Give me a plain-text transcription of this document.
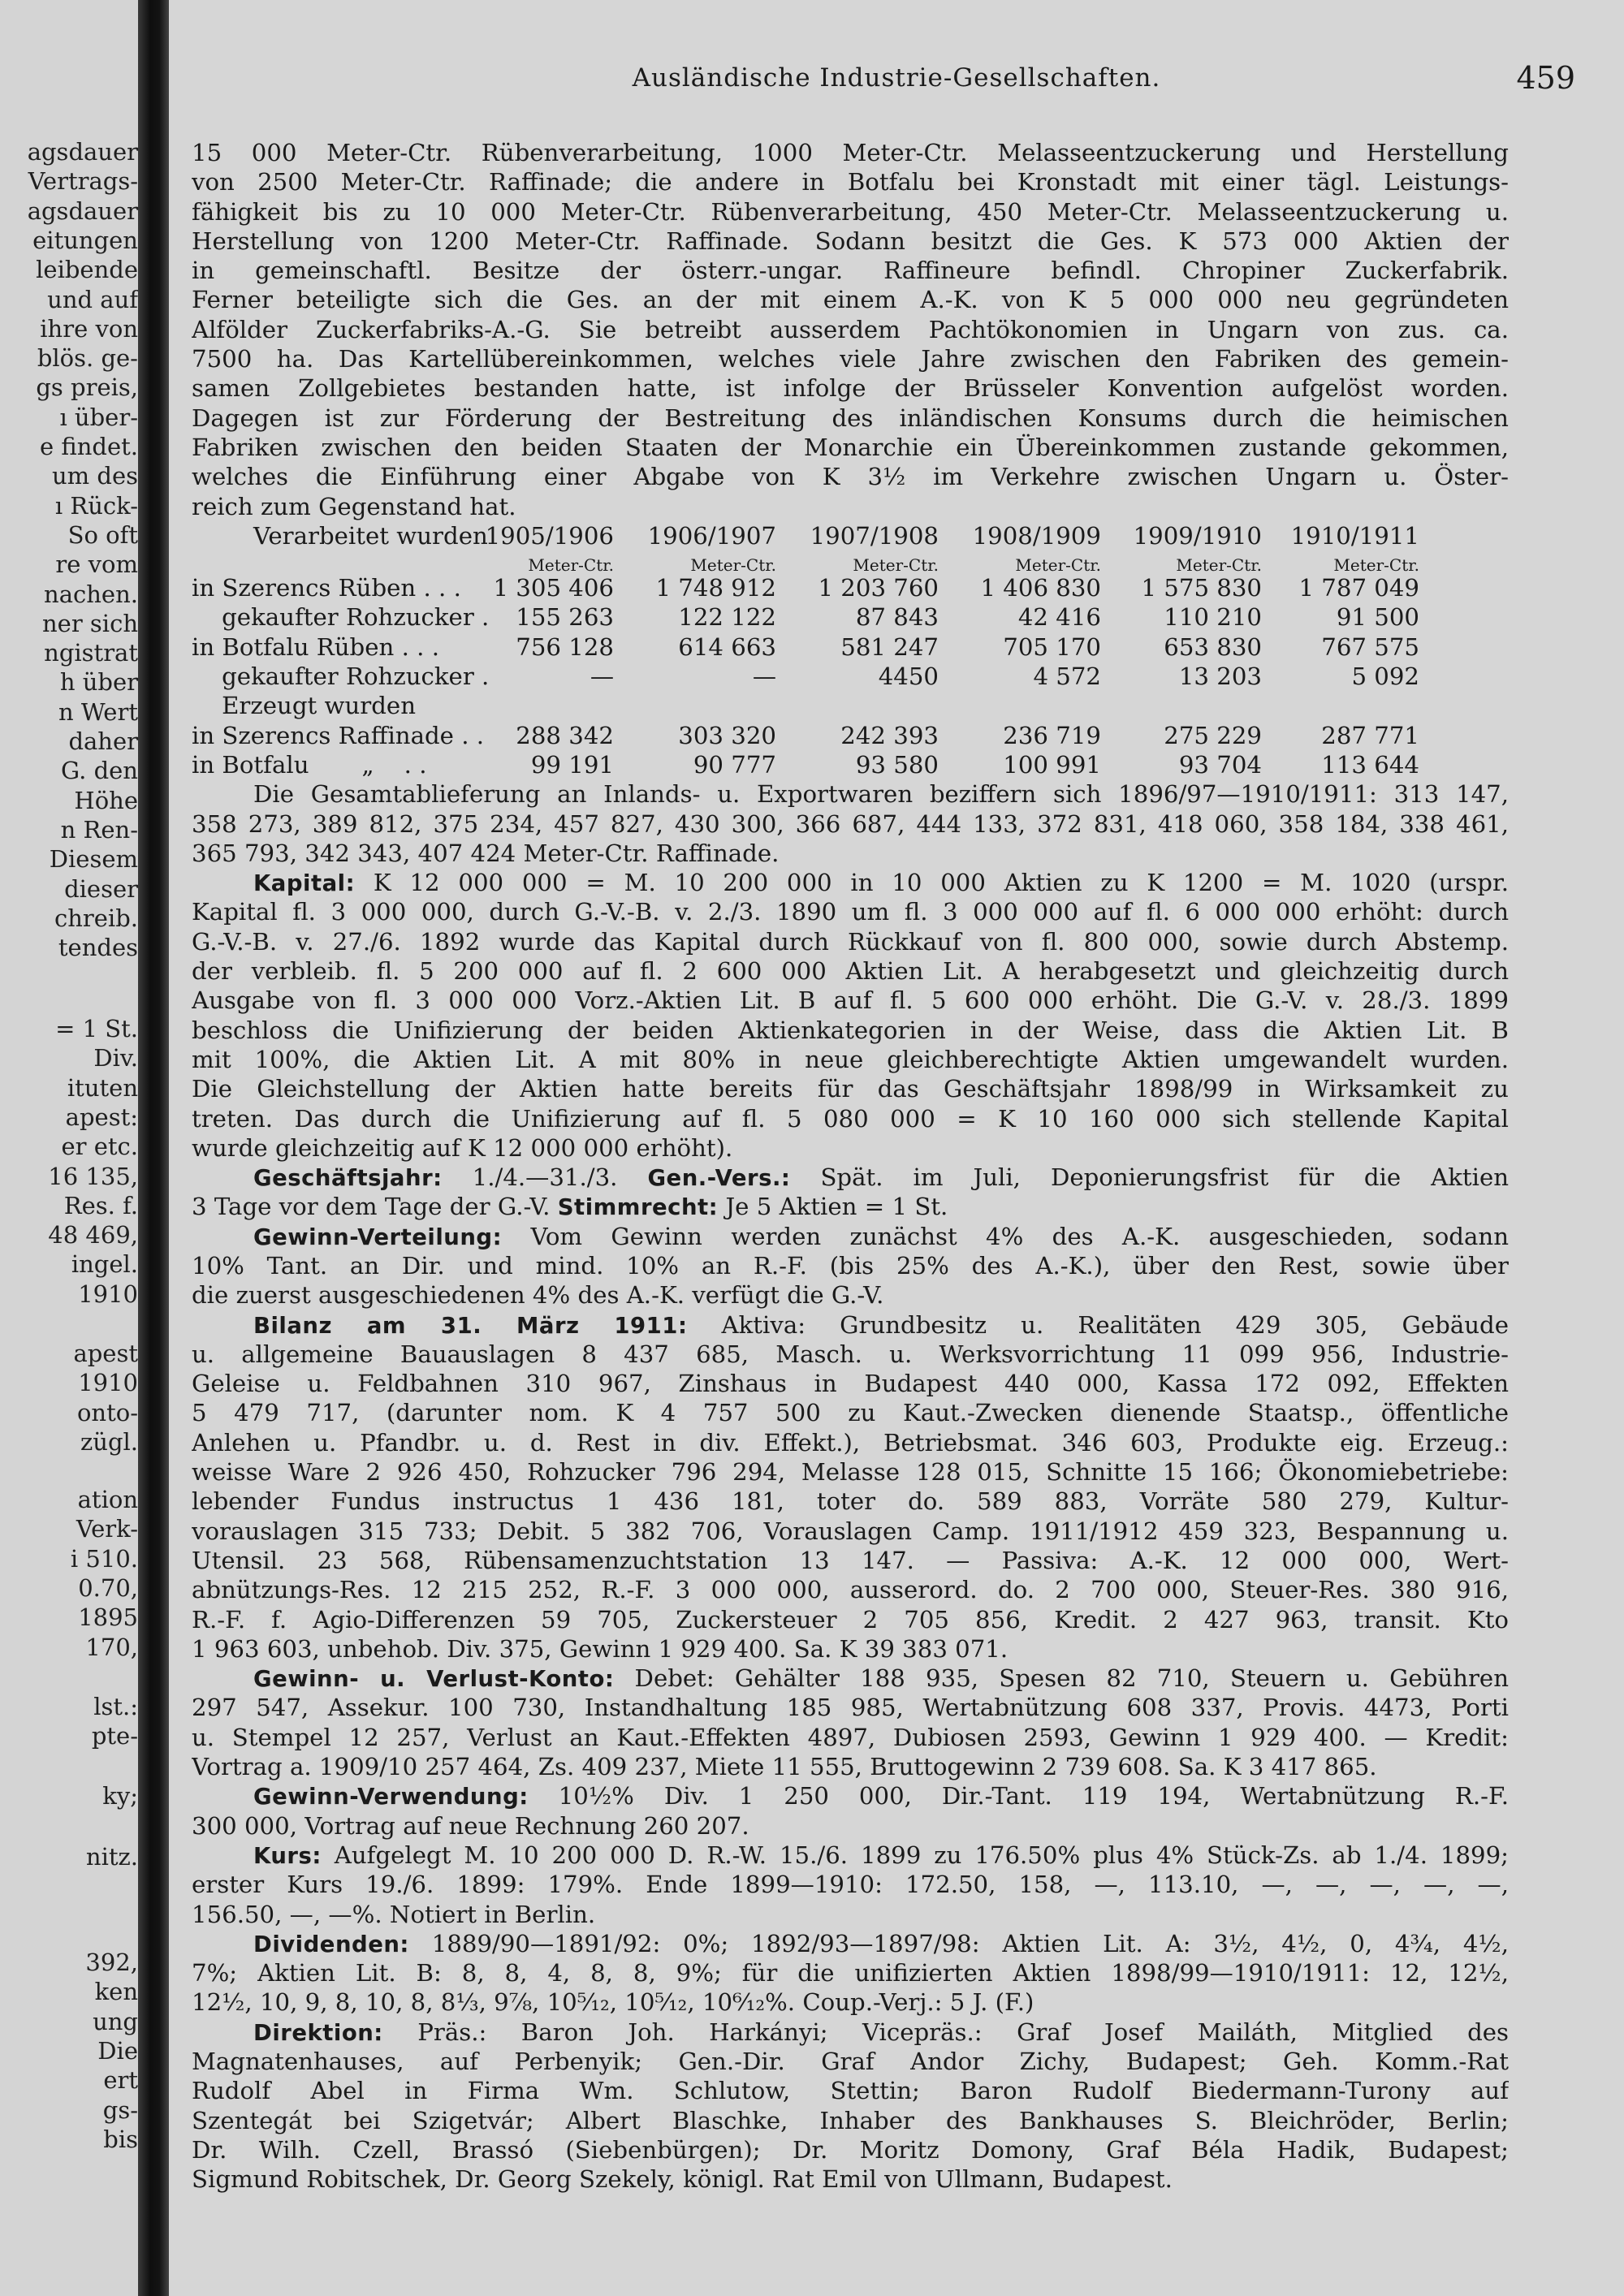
agsdauer
Vertrags-
agsdauer
eitungen
leibende
und auf
ihre von
blös. ge-
gs preis,
ı über-
e findet.
um des
ı Rück-
So oft
re vom
nachen.
ner sich
ngistrat
h über
n Wert
daher
G. den
Höhe
n Ren-
Diesem
dieser
chreib.
tendes
= 1 St.
Div.
ituten
apest:
er etc.
16 135,
Res. f.
48 469,
ingel.
1910
apest
1910
onto-
zügl.
ation
Verk-
i 510.
0.70,
1895
170,
lst.:
pte-
ky;
nitz.
392,
ken
ung
Die
ert
gs-
bis
Ausländische Industrie-Gesellschaften.	459
15 000 Meter-Ctr. Rübenverarbeitung, 1000 Meter-Ctr. Melasseentzuckerung und Herstellung
von 2500 Meter-Ctr. Raffinade; die andere in Botfalu bei Kronstadt mit einer tägl. Leistungs-
fähigkeit bis zu 10 000 Meter-Ctr. Rübenverarbeitung, 450 Meter-Ctr. Melasseentzuckerung u.
Herstellung von 1200 Meter-Ctr. Raffinade. Sodann besitzt die Ges. K 573 000 Aktien der
in gemeinschaftl. Besitze der österr.-ungar. Raffineure befindl. Chropiner Zuckerfabrik.
Ferner beteiligte sich die Ges. an der mit einem A.-K. von K 5 000 000 neu gegründeten
Alfölder Zuckerfabriks-A.-G. Sie betreibt ausserdem Pachtökonomien in Ungarn von zus. ca.
7500 ha. Das Kartellübereinkommen, welches viele Jahre zwischen den Fabriken des gemein-
samen Zollgebietes bestanden hatte, ist infolge der Brüsseler Konvention aufgelöst worden.
Dagegen ist zur Förderung der Bestreitung des inländischen Konsums durch die heimischen
Fabriken zwischen den beiden Staaten der Monarchie ein Übereinkommen zustande gekommen,
welches die Einführung einer Abgabe von K 3½ im Verkehre zwischen Ungarn u. Öster-
reich zum Gegenstand hat.
Verarbeitet wurden
1905/1906	1906/1907	1907/1908	1908/1909	1909/1910	1910/1911
Meter-Ctr.	Meter-Ctr.	Meter-Ctr.	Meter-Ctr.	Meter-Ctr.	Meter-Ctr.
in Szerencs Rüben . . .	1 305 406	1 748 912	1 203 760	1 406 830	1 575 830	1 787 049
gekaufter Rohzucker .	155 263	122 122	87 843	42 416	110 210	91 500
in Botfalu Rüben . . .	756 128	614 663	581 247	705 170	653 830	767 575
gekaufter Rohzucker .	—	—	4450	4 572	13 203	5 092
Erzeugt wurden
in Szerencs Raffinade . .	288 342	303 320	242 393	236 719	275 229	287 771
in Botfalu       „    . .	99 191	90 777	93 580	100 991	93 704	113 644
Die Gesamtablieferung an Inlands- u. Exportwaren beziffern sich 1896/97—1910/1911: 313 147,
358 273, 389 812, 375 234, 457 827, 430 300, 366 687, 444 133, 372 831, 418 060, 358 184, 338 461,
365 793, 342 343, 407 424 Meter-Ctr. Raffinade.
Kapital: K 12 000 000 = M. 10 200 000 in 10 000 Aktien zu K 1200 = M. 1020 (urspr.
Kapital fl. 3 000 000, durch G.-V.-B. v. 2./3. 1890 um fl. 3 000 000 auf fl. 6 000 000 erhöht: durch
G.-V.-B. v. 27./6. 1892 wurde das Kapital durch Rückkauf von fl. 800 000, sowie durch Abstemp.
der verbleib. fl. 5 200 000 auf fl. 2 600 000 Aktien Lit. A herabgesetzt und gleichzeitig durch
Ausgabe von fl. 3 000 000 Vorz.-Aktien Lit. B auf fl. 5 600 000 erhöht. Die G.-V. v. 28./3. 1899
beschloss die Unifizierung der beiden Aktienkategorien in der Weise, dass die Aktien Lit. B
mit 100%, die Aktien Lit. A mit 80% in neue gleichberechtigte Aktien umgewandelt wurden.
Die Gleichstellung der Aktien hatte bereits für das Geschäftsjahr 1898/99 in Wirksamkeit zu
treten. Das durch die Unifizierung auf fl. 5 080 000 = K 10 160 000 sich stellende Kapital
wurde gleichzeitig auf K 12 000 000 erhöht).
Geschäftsjahr: 1./4.—31./3. Gen.-Vers.: Spät. im Juli, Deponierungsfrist für die Aktien
3 Tage vor dem Tage der G.-V. Stimmrecht: Je 5 Aktien = 1 St.
Gewinn-Verteilung: Vom Gewinn werden zunächst 4% des A.-K. ausgeschieden, sodann
10% Tant. an Dir. und mind. 10% an R.-F. (bis 25% des A.-K.), über den Rest, sowie über
die zuerst ausgeschiedenen 4% des A.-K. verfügt die G.-V.
Bilanz am 31. März 1911: Aktiva: Grundbesitz u. Realitäten 429 305, Gebäude
u. allgemeine Bauauslagen 8 437 685, Masch. u. Werksvorrichtung 11 099 956, Industrie-
Geleise u. Feldbahnen 310 967, Zinshaus in Budapest 440 000, Kassa 172 092, Effekten
5 479 717, (darunter nom. K 4 757 500 zu Kaut.-Zwecken dienende Staatsp., öffentliche
Anlehen u. Pfandbr. u. d. Rest in div. Effekt.), Betriebsmat. 346 603, Produkte eig. Erzeug.:
weisse Ware 2 926 450, Rohzucker 796 294, Melasse 128 015, Schnitte 15 166; Ökonomiebetriebe:
lebender Fundus instructus 1 436 181, toter do. 589 883, Vorräte 580 279, Kultur-
vorauslagen 315 733; Debit. 5 382 706, Vorauslagen Camp. 1911/1912 459 323, Bespannung u.
Utensil. 23 568, Rübensamenzuchtstation 13 147. — Passiva: A.-K. 12 000 000, Wert-
abnützungs-Res. 12 215 252, R.-F. 3 000 000, ausserord. do. 2 700 000, Steuer-Res. 380 916,
R.-F. f. Agio-Differenzen 59 705, Zuckersteuer 2 705 856, Kredit. 2 427 963, transit. Kto
1 963 603, unbehob. Div. 375, Gewinn 1 929 400. Sa. K 39 383 071.
Gewinn- u. Verlust-Konto: Debet: Gehälter 188 935, Spesen 82 710, Steuern u. Gebühren
297 547, Assekur. 100 730, Instandhaltung 185 985, Wertabnützung 608 337, Provis. 4473, Porti
u. Stempel 12 257, Verlust an Kaut.-Effekten 4897, Dubiosen 2593, Gewinn 1 929 400. — Kredit:
Vortrag a. 1909/10 257 464, Zs. 409 237, Miete 11 555, Bruttogewinn 2 739 608. Sa. K 3 417 865.
Gewinn-Verwendung: 10½% Div. 1 250 000, Dir.-Tant. 119 194, Wertabnützung R.-F.
300 000, Vortrag auf neue Rechnung 260 207.
Kurs: Aufgelegt M. 10 200 000 D. R.-W. 15./6. 1899 zu 176.50% plus 4% Stück-Zs. ab 1./4. 1899;
erster Kurs 19./6. 1899: 179%. Ende 1899—1910: 172.50, 158, —, 113.10, —, —, —, —, —,
156.50, —, —%. Notiert in Berlin.
Dividenden: 1889/90—1891/92: 0%; 1892/93—1897/98: Aktien Lit. A: 3½, 4½, 0, 4¾, 4½,
7%; Aktien Lit. B: 8, 8, 4, 8, 8, 9%; für die unifizierten Aktien 1898/99—1910/1911: 12, 12½,
12½, 10, 9, 8, 10, 8, 8⅓, 9⅞, 10⁵⁄₁₂, 10⁵⁄₁₂, 10⁶⁄₁₂%. Coup.-Verj.: 5 J. (F.)
Direktion: Präs.: Baron Joh. Harkányi; Vicepräs.: Graf Josef Mailáth, Mitglied des
Magnatenhauses, auf Perbenyik; Gen.-Dir. Graf Andor Zichy, Budapest; Geh. Komm.-Rat
Rudolf Abel in Firma Wm. Schlutow, Stettin; Baron Rudolf Biedermann-Turony auf
Szentegát bei Szigetvár; Albert Blaschke, Inhaber des Bankhauses S. Bleichröder, Berlin;
Dr. Wilh. Czell, Brassó (Siebenbürgen); Dr. Moritz Domony, Graf Béla Hadik, Budapest;
Sigmund Robitschek, Dr. Georg Szekely, königl. Rat Emil von Ullmann, Budapest.
